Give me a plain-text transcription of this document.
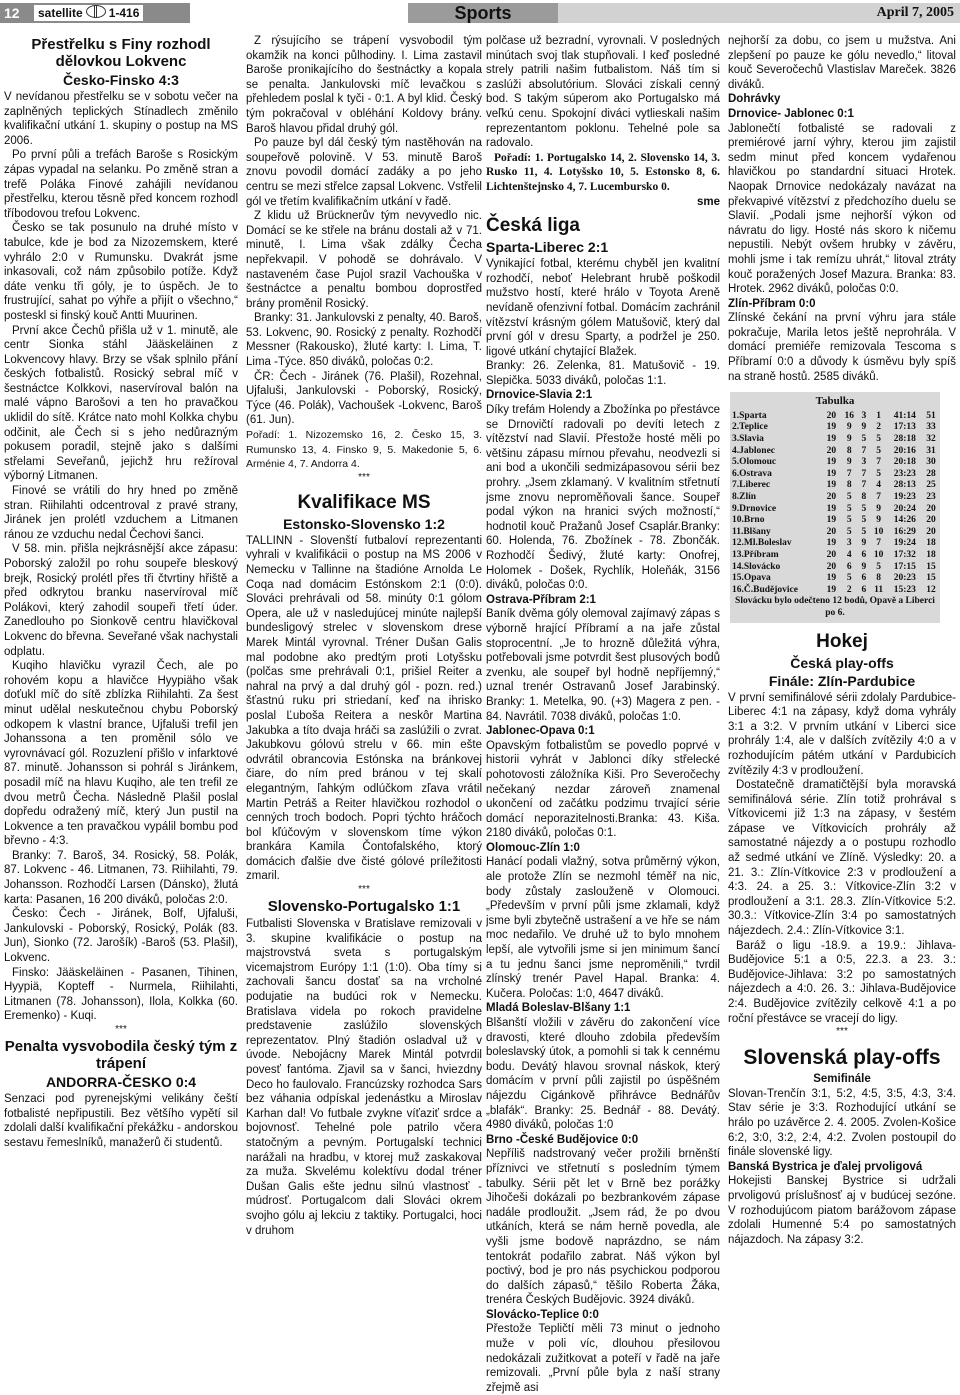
12	satellite 1-416	Sports	April 7, 2005
Přestřelku s Finy rozhodl dělovkou Lokvenc
Česko-Finsko 4:3

V nevídanou přestřelku se v sobotu večer na zaplněných teplických Stínadlech změnilo kvalifikační utkání 1. skupiny o postup na MS 2006.

Po první půli a trefách Baroše s Rosickým zápas vypadal na selanku. Po změně stran a trefě Poláka Finové zahájili nevídanou přestřelku, kterou těsně před koncem rozhodl tříbodovou trefou Lokvenc.

Česko se tak posunulo na druhé místo v tabulce, kde je bod za Nizozemskem, které vyhrálo 2:0 v Rumunsku. Dvakrát jsme inkasovali, což nám způsobilo potíže. Když dáte venku tři góly, je to úspěch. Je to frustrující, sahat po výhře a přijít o všechno,“ posteskl si finský kouč Antti Muurinen.

První akce Čechů přišla už v 1. minutě, ale centr Sionka stáhl Jääskeläinen z Lokvencovy hlavy. Brzy se však splnilo přání českých fotbalistů. Rosický sebral míč v šestnáctce Kolkkovi, naservíroval balón na malé vápno Barošovi a ten ho pravačkou uklidil do sítě. Krátce nato mohl Kolkka chybu odčinit, ale Čech si s jeho nedůrazným pokusem poradil, stejně jako s dalšími střelami Seveřanů, jejichž hru režíroval výborný Litmanen.

Finové se vrátili do hry hned po změně stran. Riihilahti odcentroval z pravé strany, Jiránek jen prolétl vzduchem a Litmanen ránou ze vzduchu nedal Čechovi šanci.

V 58. min. přišla nejkrásnější akce zápasu: Poborský založil po rohu soupeře bleskový brejk, Rosický prolétl přes tři čtvrtiny hřiště a před odkrytou branku naservíroval míč Polákovi, který zahodil soupeři třetí úder. Zanedlouho po Sionkově centru hlavičkoval Lokvenc do břevna. Seveřané však nachystali odplatu.

Kuqiho hlavičku vyrazil Čech, ale po rohovém kopu a hlavičce Hyypiäho však doťukl míč do sítě zblízka Riihilahti. Za šest minut udělal neskutečnou chybu Poborský odkopem k vlastní brance, Ujfaluši trefil jen Johanssona a ten proměnil sólo ve vyrovnávací gól. Rozuzlení přišlo v infarktové 87. minutě. Johansson si pohrál s Jiránkem, posadil míč na hlavu Kuqiho, ale ten trefil ze dvou metrů Čecha. Následně Plašil poslal dopředu odražený míč, který Jun pustil na Lokvence a ten pravačkou vypálil bombu pod břevno - 4:3.

Branky: 7. Baroš, 34. Rosický, 58. Polák, 87. Lokvenc - 46. Litmanen, 73. Riihilahti, 79. Johansson. Rozhodčí Larsen (Dánsko), žlutá karta: Pasanen, 16 200 diváků, poločas 2:0.

Česko: Čech - Jiránek, Bolf, Ujfaluši, Jankulovski - Poborský, Rosický, Polák (83. Jun), Sionko (72. Jarošík) -Baroš (53. Plašil), Lokvenc.

Finsko: Jääskeläinen - Pasanen, Tihinen, Hyypiä, Kopteff - Nurmela, Riihilahti, Litmanen (78. Johansson), Ilola, Kolkka (60. Eremenko) - Kuqi.

***

Penalta vysvobodila český tým z trápení
ANDORRA-ČESKO 0:4

Senzaci pod pyrenejskými velikány čeští fotbalisté nepřipustili. Bez většího vypětí sil zdolali další kvalifikační překážku - andorskou sestavu řemeslníků, manažerů či studentů.

Z rýsujícího se trápení vysvobodil tým okamžik na konci půlhodiny. I. Lima zastavil Baroše pronikajícího do šestnáctky a kopala se penalta. Jankulovski míč levačkou s přehledem poslal k tyči - 0:1. A byl klid. Český tým pokračoval v obléhání Koldovy brány. Baroš hlavou přidal druhý gól.

Po pauze byl dál český tým nastěhován na soupeřově polovině. V 53. minutě Baroš znovu povodil domácí zadáky a po jeho centru se mezi střelce zapsal Lokvenc. Vstřelil gól ve třetím kvalifikačním utkání v řadě.

Z klidu už Brücknerův tým nevyvedlo nic. Domácí se ke střele na bránu dostali až v 71. minutě, I. Lima však zdálky Čecha nepřekvapil. V pohodě se dohrávalo. V nastaveném čase Pujol srazil Vachouška v šestnáctce a penaltu bombou doprostřed brány proměnil Rosický.

Branky: 31. Jankulovski z penalty, 40. Baroš, 53. Lokvenc, 90. Rosický z penalty. Rozhodčí Messner (Rakousko), žluté karty: I. Lima, T. Lima -Týce. 850 diváků, poločas 0:2.

ČR: Čech - Jiránek (76. Plašil), Rozehnal, Ujfaluši, Jankulovski - Poborský, Rosický, Týce (46. Polák), Vachoušek -Lokvenc, Baroš (61. Jun).

Pořadí: 1. Nizozemsko 16, 2. Česko 15, 3. Rumunsko 13, 4. Finsko 9, 5. Makedonie 5, 6. Arménie 4, 7. Andorra 4.

***

Kvalifikace MS
Estonsko-Slovensko 1:2

TALLINN - Slovenští futbaloví reprezentanti vyhrali v kvalifikácii o postup na MS 2006 v Nemecku v Tallinne na štadióne Arnolda Le Coqa nad domácim Estónskom 2:1 (0:0). Slováci prehrávali od 58. minúty 0:1 gólom Opera, ale už v nasledujúcej minúte najlepší bundesligový strelec v slovenskom drese Marek Mintál vyrovnal. Tréner Dušan Galis mal podobne ako predtým proti Lotyšsku (polčas sme prehrávali 0:1, prišiel Reiter a nahral na prvý a dal druhý gól - pozn. red.) šťastnú ruku pri striedaní, keď na ihrisko poslal Ľuboša Reitera a neskôr Martina Jakubka a títo dvaja hráči sa zaslúžili o zvrat. Jakubkovu gólovú strelu v 66. min ešte odvrátil obrancovia Estónska na bránkovej čiare, do ním pred bránou v tej skalí elegantným, ľahkým odlúčkom zľava vrátil Martin Petráš a Reiter hlavičkou rozhodol o cenných troch bodoch. Popri týchto hráčoch bol kľúčovým v slovenskom tíme výkon brankára Kamila Čontofalského, ktorý domácich ďalšie dve čisté gólové príležitosti zmaril.

***

Slovensko-Portugalsko 1:1

Futbalisti Slovenska v Bratislave remizovali v 3. skupine kvalifikácie o postup na majstrovstvá sveta s portugalským vicemajstrom Európy 1:1 (1:0). Oba tímy si zachovali šancu dostať sa na vrcholné podujatie na budúci rok v Nemecku. Bratislava videla po rokoch pravidelne predstavenie zaslúžilo slovenských reprezentatov. Plný štadión osladval už v úvode. Nebojácny Marek Mintál potvrdil povesť fantóma. Zjavil sa v šanci, hviezdny Deco ho faulovalo. Francúzsky rozhodca Sars bez váhania odpískal jedenástku a Miroslav Karhan dal! Vo futbale zvykne víťaziť srdce a bojovnosť. Tehelné pole patrilo včera statočným a pevným. Portugalskí technici narážali na hradbu, v ktorej muž zaskakoval za muža. Skvelému kolektívu dodal tréner Dušan Galis ešte jednu silnú vlastnosť - múdrosť. Portugalcom dali Slováci okrem svojho gólu aj lekciu z taktiky. Portugalci, hoci v druhom

polčase už bezradní, vyrovnali. V posledných minútach svoj tlak stupňovali. I keď posledné strely patrili našim futbalistom. Náš tím si zaslúži absolutórium. Slováci získali cenný bod. S takým súperom ako Portugalsko má veľkú cenu. Spokojní diváci vytlieskali našim reprezentantom poklonu. Tehelné pole sa radovalo.

Pořadí: 1. Portugalsko 14, 2. Slovensko 14, 3. Rusko 11, 4. Lotyšsko 10, 5. Estonsko 8, 6. Lichtenštejnsko 4, 7. Lucembursko 0.

sme

Česká liga
Sparta-Liberec 2:1

Vynikající fotbal, kterému chyběl jen kvalitní rozhodčí, neboť Helebrant hrubě poškodil mužstvo hostí, které hrálo v Toyota Areně nevídaně ofenzivní fotbal. Domácím zachránil vítězství krásným gólem Matušovič, který dal první gól v dresu Sparty, a podržel je 250. ligové utkání chytající Blažek.

Branky: 26. Zelenka, 81. Matušovič - 19. Slepička. 5033 diváků, poločas 1:1.

Drnovice-Slavia 2:1

Díky trefám Holendy a Zbožínka po přestávce se Drnovičtí radovali po devíti letech z vítězství nad Slavií. Přestože hosté měli po většinu zápasu mírnou převahu, neodvezli si ani bod a ukončili sedmizápasovou sérii bez prohry. „Jsem zklamaný. V kvalitním střetnutí jsme znovu neproměňovali šance. Soupeř podal výkon na hranici svých možností,“ hodnotil kouč Pražanů Josef Csaplár.Branky: 60. Holenda, 76. Zbožínek - 78. Zbončák. Rozhodčí Šedivý, žluté karty: Onofrej, Holomek - Došek, Rychlík, Holeňák, 3156 diváků, poločas 0:0.

Ostrava-Příbram 2:1

Baník dvěma góly olemoval zajímavý zápas s výborně hrající Příbramí a na jaře zůstal stoprocentní. „Je to hrozně důležitá výhra, potřebovali jsme potvrdit šest plusových bodů zvenku, ale soupeř byl hodně nepříjemný,“ uznal trenér Ostravanů Josef Jarabinský. Branky: 1. Metelka, 90. (+3) Magera z pen. - 84. Navrátil. 7038 diváků, poločas 1:0.

Jablonec-Opava 0:1

Opavským fotbalistům se povedlo poprvé v historii vyhrát v Jablonci díky střelecké pohotovosti záložníka Kiši. Pro Severočechy nečekaný nezdar zároveň znamenal ukončení od začátku podzimu trvající série domácí neporazitelnosti.Branka: 43. Kiša. 2180 diváků, poločas 0:1.

Olomouc-Zlín 1:0

Hanácí podali vlažný, sotva průměrný výkon, ale protože Zlín se nezmohl téměř na nic, body zůstaly zaslouženě v Olomouci. „Především v první půli jsme zklamali, když jsme byli zbytečně ustrašení a ve hře se nám moc nedařilo. Ve druhé už to bylo mnohem lepší, ale vytvořili jsme si jen minimum šancí a tu jednu šanci jsme neproměnili,“ tvrdil zlínský trenér Pavel Hapal. Branka: 4. Kučera. Poločas: 1:0, 4647 diváků.

Mladá Boleslav-Blšany 1:1

Blšanští vložili v závěru do zakončení více dravosti, které dlouho zdobila především boleslavský útok, a pomohli si tak k cennému bodu. Devátý hlavou srovnal náskok, který domácím v první půli zajistil po úspěšném nájezdu Cigánkově přihrávce Bednářův „blafák“. Branky: 25. Bednář - 88. Devátý. 4980 diváků, poločas 1:0

Brno -České Budějovice 0:0

Nepříliš nadstrovaný večer prožili brněnští příznivci ve střetnutí s posledním týmem tabulky. Sérii pět let v Brně bez porážky Jihočeši dokázali po bezbrankovém zápase nadále prodloužit. „Jsem rád, že po dvou utkáních, která se nám herně povedla, ale vyšli jsme bodově naprázdno, se nám tentokrát podařilo zabrat. Náš výkon byl poctivý, bod je pro nás psychickou podporou do dalších zápasů,“ těšilo Roberta Žáka, trenéra Českých Budějovic. 3924 diváků.

Slovácko-Teplice 0:0

Přestože Tepličtí měli 73 minut o jednoho muže v poli víc, dlouhou přesilovou nedokázali zužitkovat a poteří v řadě na jaře remizovali. „První půle byla z naší strany zřejmě asi

nejhorší za dobu, co jsem u mužstva. Ani zlepšení po pauze ke gólu nevedlo,“ litoval kouč Severočechů Vlastislav Mareček. 3826 diváků.

Dohrávky
Drnovice- Jablonec 0:1

Jablonečtí fotbalisté se radovali z premiérové jarní výhry, kterou jim zajistil sedm minut před koncem vydařenou hlavičkou po standardní situaci Hrotek. Naopak Drnovice nedokázaly navázat na překvapivé vítězství z předchozího duelu se Slavií. „Podali jsme nejhorší výkon od návratu do ligy. Hosté nás skoro k ničemu nepustili. Nebýt ovšem hrubky v závěru, mohli jsme i tak remízu uhrát,“ litoval ztráty kouč poražených Josef Mazura. Branka: 83. Hrotek. 2962 diváků, poločas 0:0.

Zlín-Příbram 0:0

Zlínské čekání na první výhru jara stále pokračuje, Marila letos ještě neprohrála. V domácí premiéře remizovala Tescoma s Příbramí 0:0 a důvody k úsměvu byly spíš na straně hostů. 2585 diváků.

Tabulka
1.Sparta	20	16	3	1	41:14	51
2.Teplice	19	9	9	2	17:13	33
3.Slavia	19	9	5	5	28:18	32
4.Jablonec	20	8	7	5	20:16	31
5.Olomouc	19	9	3	7	20:18	30
6.Ostrava	19	7	7	5	23:23	28
7.Liberec	19	8	7	4	28:13	25
8.Zlín	20	5	8	7	19:23	23
9.Drnovice	19	5	5	9	20:24	20
10.Brno	19	5	5	9	14:26	20
11.Blšany	20	5	5	10	16:29	20
12.Ml.Boleslav	19	3	9	7	19:24	18
13.Příbram	20	4	6	10	17:32	18
14.Slovácko	20	6	9	5	17:15	15
15.Opava	19	5	6	8	20:23	15
16.Č.Budějovice	19	2	6	11	15:23	12
Slovácku bylo odečteno 12 bodů, Opavě a Liberci po 6.
Hokej
Česká play-offs
Finále: Zlín-Pardubice

V první semifinálové sérii zdolaly Pardubice-Liberec 4:1 na zápasy, když doma vyhrály 3:1 a 3:2. V prvním utkání v Liberci sice prohrály 1:4, ale v dalších zvítězily 4:0 a v rozhodujícím pátém utkání v Pardubicích zvítězily 4:3 v prodloužení.

Dostatečně dramatičtější byla moravská semifinálová série. Zlín totiž prohrával s Vítkovicemi již 1:3 na zápasy, v šestém zápase ve Vítkovicích prohrály až samostatné nájezdy a o postupu rozhodlo až sedmé utkání ve Zlíně. Výsledky: 20. a 21. 3.: Zlín-Vítkovice 2:3 v prodloužení a 4:3. 24. a 25. 3.: Vítkovice-Zlín 3:2 v prodloužení a 3:1. 28.3. Zlín-Vítkovice 5:2. 30.3.: Vítkovice-Zlín 3:4 po samostatných nájezdech. 2.4.: Zlín-Vítkovice 3:1.

Baráž o ligu -18.9. a 19.9.: Jihlava-Budějovice 5:1 a 0:5, 22.3. a 23. 3.: Budějovice-Jihlava: 3:2 po samostatných nájezdech a 4:0. 26. 3.: Jihlava-Budějovice 2:4. Budějovice zvítězily celkově 4:1 a po roční přestávce se vracejí do ligy.

***

Slovenská play-offs
Semifinále

Slovan-Trenčín 3:1, 5:2, 4:5, 3:5, 4:3, 3:4. Stav série je 3:3. Rozhodující utkání se hrálo po uzávěrce 2. 4. 2005. Zvolen-Košice 6:2, 3:0, 3:2, 2:4, 4:2. Zvolen postoupil do finále slovenské ligy.

Banská Bystrica je ďalej prvoligová

Hokejisti Banskej Bystrice si udržali prvoligovú príslušnosť aj v budúcej sezóne. V rozhodujúcom piatom barážovom zápase zdolali Humenné 5:4 po samostatných nájazdoch. Na zápasy 3:2.
